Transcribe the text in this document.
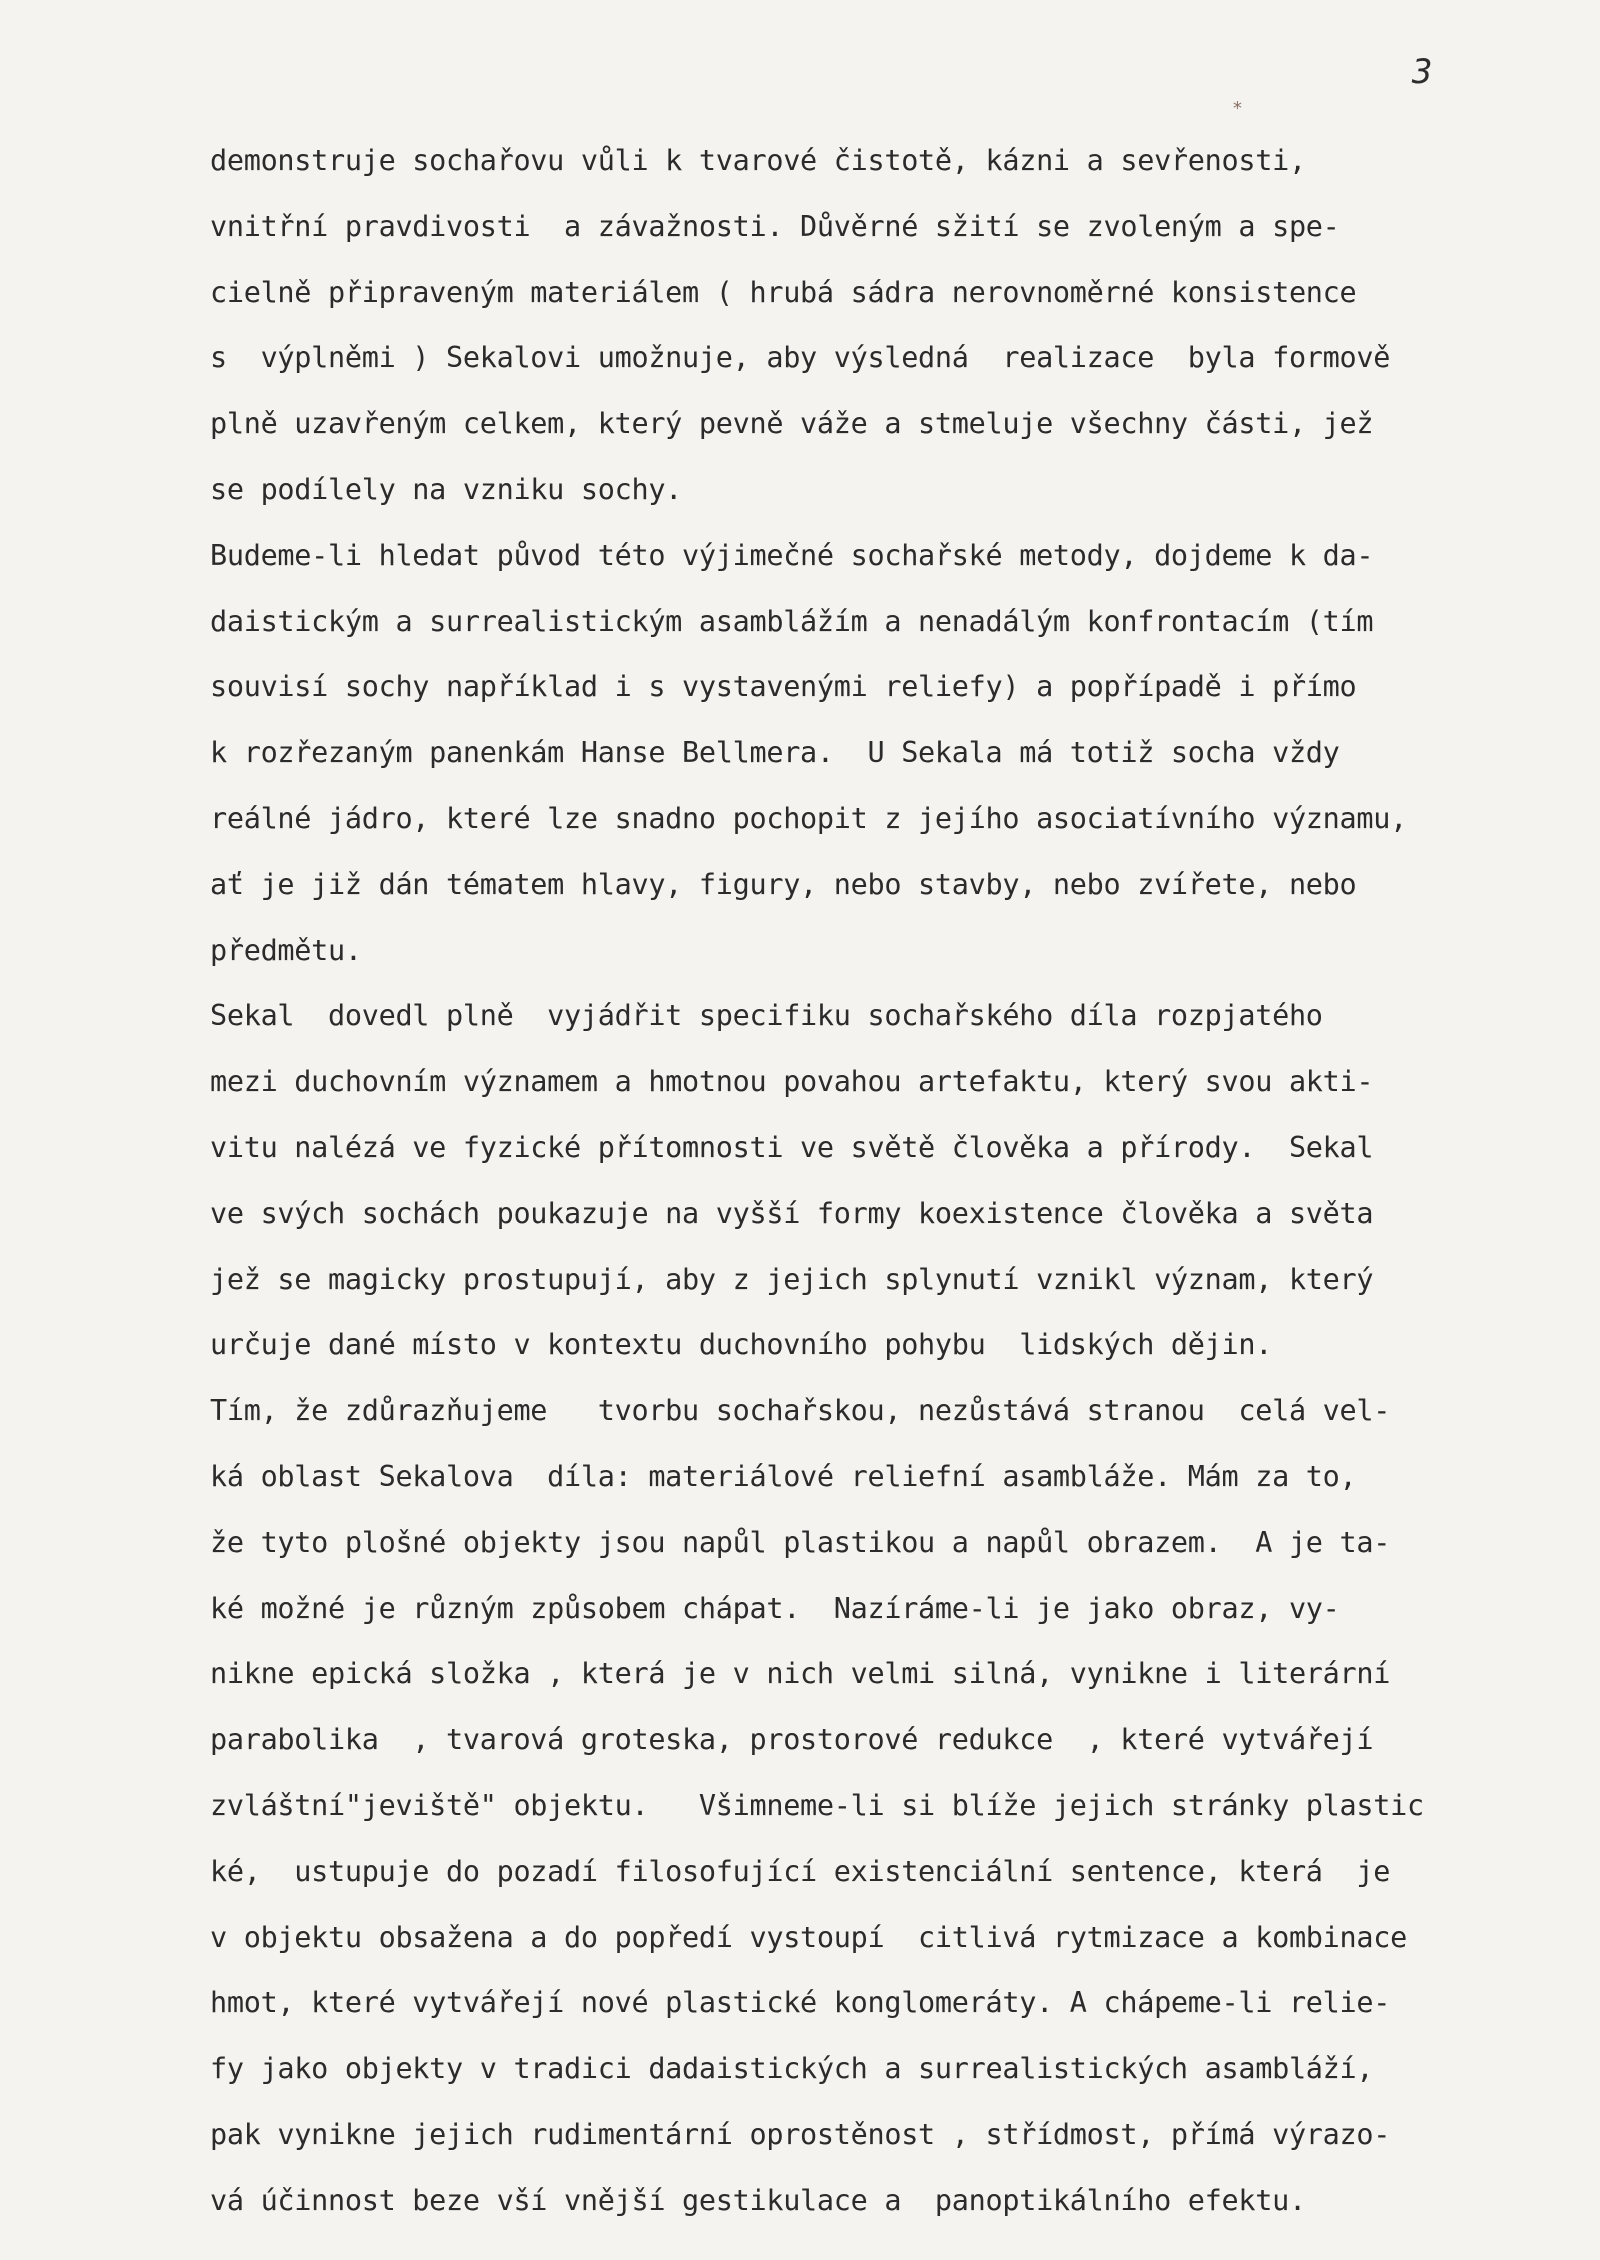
3
*
demonstruje sochařovu vůli k tvarové čistotě, kázni a sevřenosti,
vnitřní pravdivosti  a závažnosti. Důvěrné sžití se zvoleným a spe-
cielně připraveným materiálem ( hrubá sádra nerovnoměrné konsistence
s  výplněmi ) Sekalovi umožnuje, aby výsledná  realizace  byla formově
plně uzavřeným celkem, který pevně váže a stmeluje všechny části, jež
se podílely na vzniku sochy.
Budeme-li hledat původ této výjimečné sochařské metody, dojdeme k da-
daistickým a surrealistickým asamblážím a nenadálým konfrontacím (tím
souvisí sochy například i s vystavenými reliefy) a popřípadě i přímo
k rozřezaným panenkám Hanse Bellmera.  U Sekala má totiž socha vždy
reálné jádro, které lze snadno pochopit z jejího asociatívního významu,
ať je již dán tématem hlavy, figury, nebo stavby, nebo zvířete, nebo
předmětu.
Sekal  dovedl plně  vyjádřit specifiku sochařského díla rozpjatého
mezi duchovním významem a hmotnou povahou artefaktu, který svou akti-
vitu nalézá ve fyzické přítomnosti ve světě člověka a přírody.  Sekal
ve svých sochách poukazuje na vyšší formy koexistence člověka a světa
jež se magicky prostupují, aby z jejich splynutí vznikl význam, který
určuje dané místo v kontextu duchovního pohybu  lidských dějin.
Tím, že zdůrazňujeme   tvorbu sochařskou, nezůstává stranou  celá vel-
ká oblast Sekalova  díla: materiálové reliefní asambláže. Mám za to,
že tyto plošné objekty jsou napůl plastikou a napůl obrazem.  A je ta-
ké možné je různým způsobem chápat.  Nazíráme-li je jako obraz, vy-
nikne epická složka , která je v nich velmi silná, vynikne i literární
parabolika  , tvarová groteska, prostorové redukce  , které vytvářejí
zvláštní"jeviště" objektu.   Všimneme-li si blíže jejich stránky plastic
ké,  ustupuje do pozadí filosofující existenciální sentence, která  je
v objektu obsažena a do popředí vystoupí  citlivá rytmizace a kombinace
hmot, které vytvářejí nové plastické konglomeráty. A chápeme-li relie-
fy jako objekty v tradici dadaistických a surrealistických asambláží,
pak vynikne jejich rudimentární oprostěnost , střídmost, přímá výrazo-
vá účinnost beze vší vnější gestikulace a  panoptikálního efektu.
